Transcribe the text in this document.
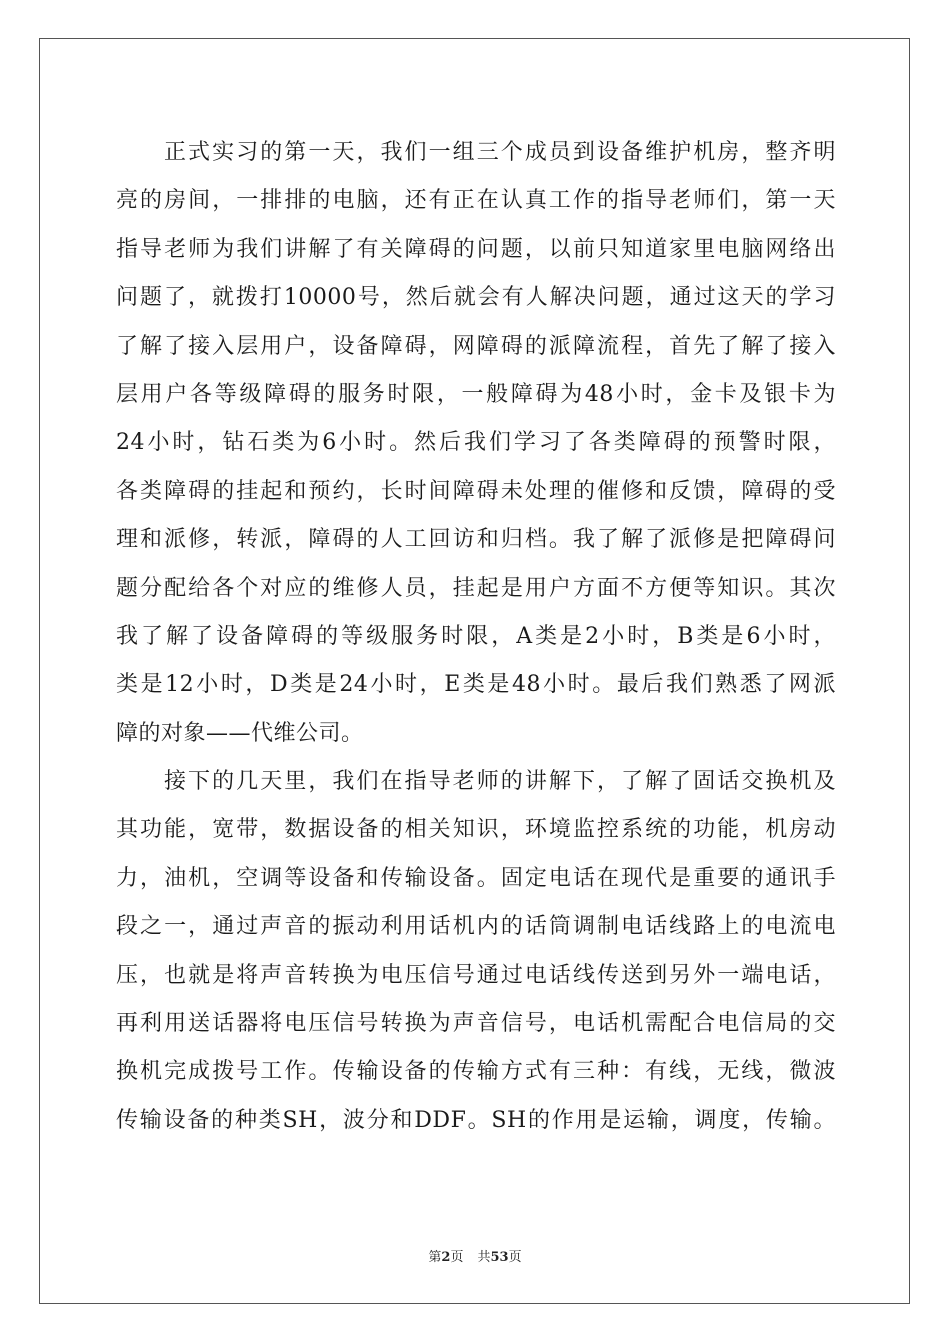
正式实习的第一天，我们一组三个成员到设备维护机房，整齐明
亮的房间，一排排的电脑，还有正在认真工作的指导老师们，第一天
指导老师为我们讲解了有关障碍的问题，以前只知道家里电脑网络出
问题了，就拨打10000号，然后就会有人解决问题，通过这天的学习
了解了接入层用户，设备障碍，网障碍的派障流程，首先了解了接入
层用户各等级障碍的服务时限，一般障碍为48小时，金卡及银卡为
24小时，钻石类为6小时。然后我们学习了各类障碍的预警时限，
各类障碍的挂起和预约，长时间障碍未处理的催修和反馈，障碍的受
理和派修，转派，障碍的人工回访和归档。我了解了派修是把障碍问
题分配给各个对应的维修人员，挂起是用户方面不方便等知识。其次
我了解了设备障碍的等级服务时限，A类是2小时，B类是6小时，
类是12小时，D类是24小时，E类是48小时。最后我们熟悉了网派
障的对象——代维公司。
接下的几天里，我们在指导老师的讲解下，了解了固话交换机及
其功能，宽带，数据设备的相关知识，环境监控系统的功能，机房动
力，油机，空调等设备和传输设备。固定电话在现代是重要的通讯手
段之一，通过声音的振动利用话机内的话筒调制电话线路上的电流电
压，也就是将声音转换为电压信号通过电话线传送到另外一端电话，
再利用送话器将电压信号转换为声音信号，电话机需配合电信局的交
换机完成拨号工作。传输设备的传输方式有三种：有线，无线，微波
传输设备的种类SH，波分和DDF。SH的作用是运输，调度，传输。
第2页 共53页
